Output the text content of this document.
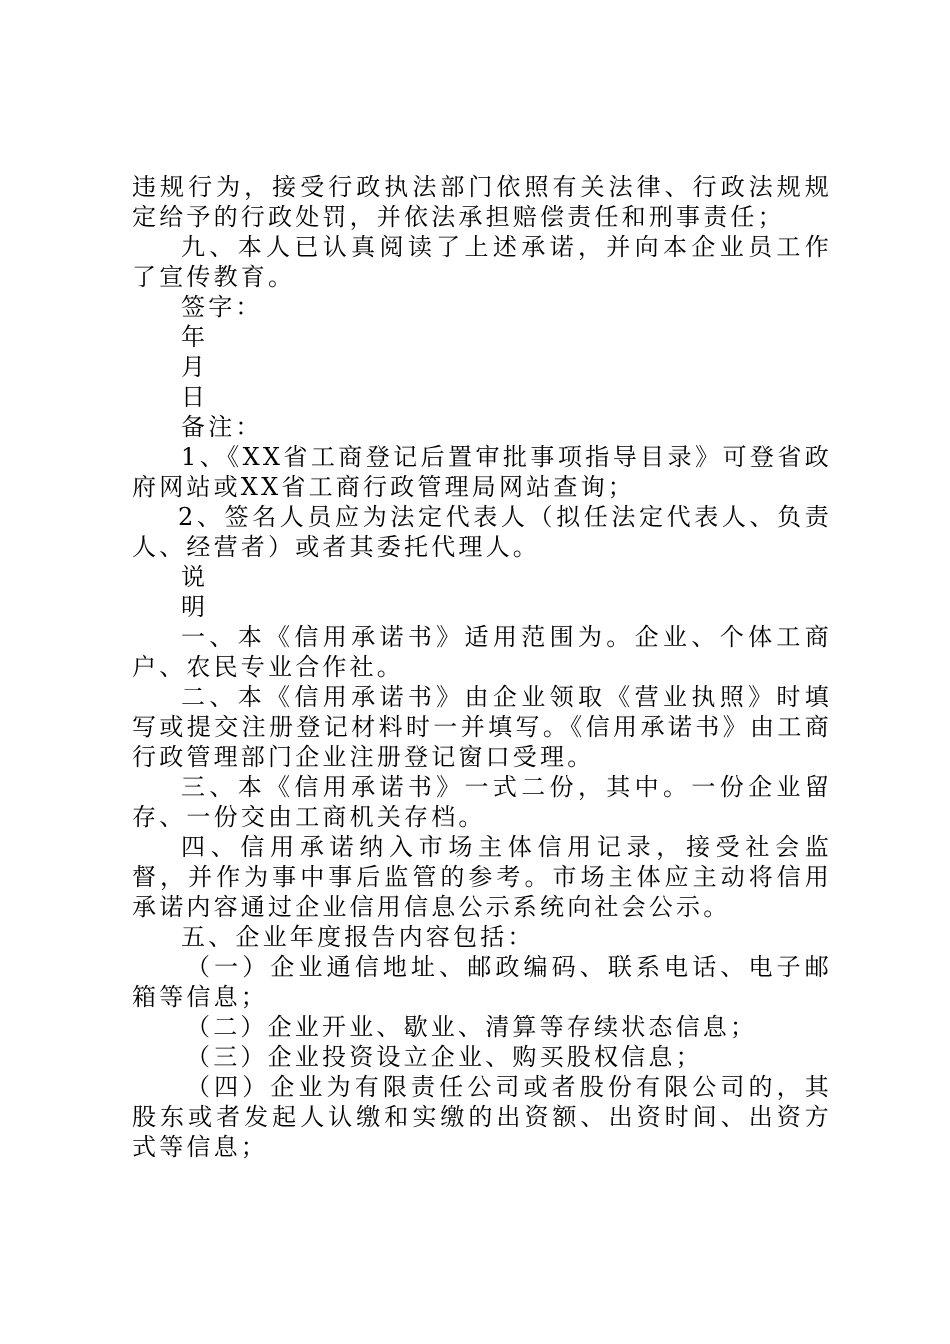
违规行为，接受行政执法部门依照有关法律、行政法规规定给予的行政处罚，并依法承担赔偿责任和刑事责任；

九、本人已认真阅读了上述承诺，并向本企业员工作了宣传教育。

签字：

年

月

日

备注：

1、《XX省工商登记后置审批事项指导目录》可登省政府网站或XX省工商行政管理局网站查询；

2、签名人员应为法定代表人（拟任法定代表人、负责人、经营者）或者其委托代理人。

说

明

一、本《信用承诺书》适用范围为。企业、个体工商户、农民专业合作社。

二、本《信用承诺书》由企业领取《营业执照》时填写或提交注册登记材料时一并填写。《信用承诺书》由工商行政管理部门企业注册登记窗口受理。

三、本《信用承诺书》一式二份，其中。一份企业留存、一份交由工商机关存档。

四、信用承诺纳入市场主体信用记录，接受社会监督，并作为事中事后监管的参考。市场主体应主动将信用承诺内容通过企业信用信息公示系统向社会公示。

五、企业年度报告内容包括：

（一）企业通信地址、邮政编码、联系电话、电子邮箱等信息；

（二）企业开业、歇业、清算等存续状态信息；

（三）企业投资设立企业、购买股权信息；

（四）企业为有限责任公司或者股份有限公司的，其股东或者发起人认缴和实缴的出资额、出资时间、出资方式等信息；
